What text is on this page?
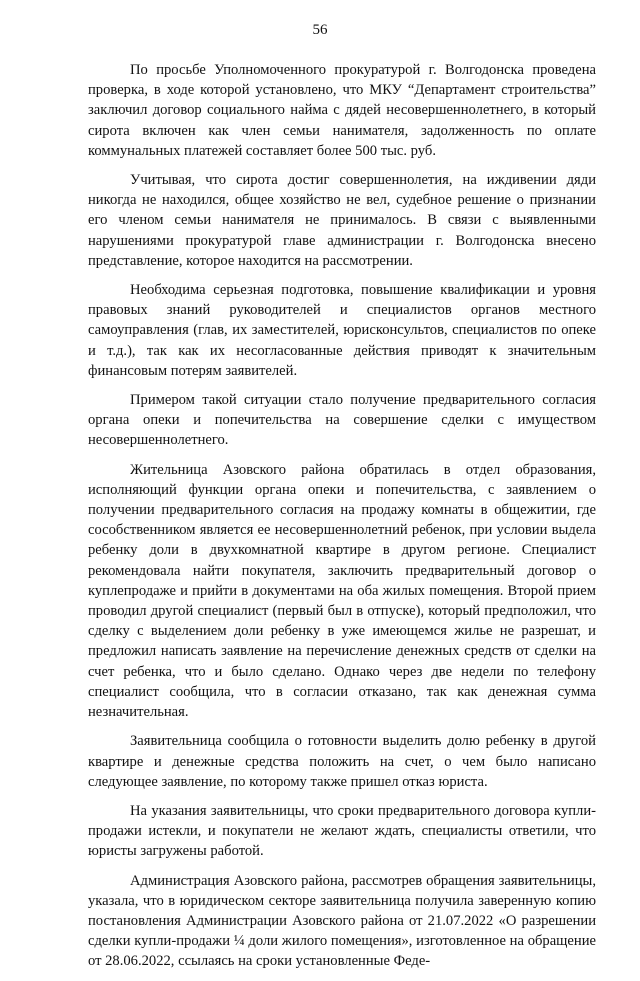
56

По просьбе Уполномоченного прокуратурой г. Волгодонска проведена проверка, в ходе которой установлено, что МКУ “Департамент строительства” заключил договор социального найма с дядей несовершеннолетнего, в который сирота включен как член семьи нанимателя, задолженность по оплате коммунальных платежей составляет более 500 тыс. руб.

Учитывая, что сирота достиг совершеннолетия, на иждивении дяди никогда не находился, общее хозяйство не вел, судебное решение о признании его членом семьи нанимателя не принималось. В связи с выявленными нарушениями прокуратурой главе администрации г. Волгодонска внесено представление, которое находится на рассмотрении.

Необходима серьезная подготовка, повышение квалификации и уровня правовых знаний руководителей и специалистов органов местного самоуправления (глав, их заместителей, юрисконсультов, специалистов по опеке и т.д.), так как их несогласованные действия приводят к значительным финансовым потерям заявителей.

Примером такой ситуации стало получение предварительного согласия органа опеки и попечительства на совершение сделки с имуществом несовершеннолетнего.

Жительница Азовского района обратилась в отдел образования, исполняющий функции органа опеки и попечительства, с заявлением о получении предварительного согласия на продажу комнаты в общежитии, где сособственником является ее несовершеннолетний ребенок, при условии выдела ребенку доли в двухкомнатной квартире в другом регионе. Специалист рекомендовала найти покупателя, заключить предварительный договор о куплепродаже и прийти в документами на оба жилых помещения. Второй прием проводил другой специалист (первый был в отпуске), который предположил, что сделку с выделением доли ребенку в уже имеющемся жилье не разрешат, и предложил написать заявление на перечисление денежных средств от сделки на счет ребенка, что и было сделано. Однако через две недели по телефону специалист сообщила, что в согласии отказано, так как денежная сумма незначительная.

Заявительница сообщила о готовности выделить долю ребенку в другой квартире и денежные средства положить на счет, о чем было написано следующее заявление, по которому также пришел отказ юриста.

На указания заявительницы, что сроки предварительного договора купли-продажи истекли, и покупатели не желают ждать, специалисты ответили, что юристы загружены работой.

Администрация Азовского района, рассмотрев обращения заявительницы, указала, что в юридическом секторе заявительница получила заверенную копию постановления Администрации Азовского района от 21.07.2022 «О разрешении сделки купли-продажи ¼ доли жилого помещения», изготовленное на обращение от 28.06.2022, ссылаясь на сроки установленные Феде-
